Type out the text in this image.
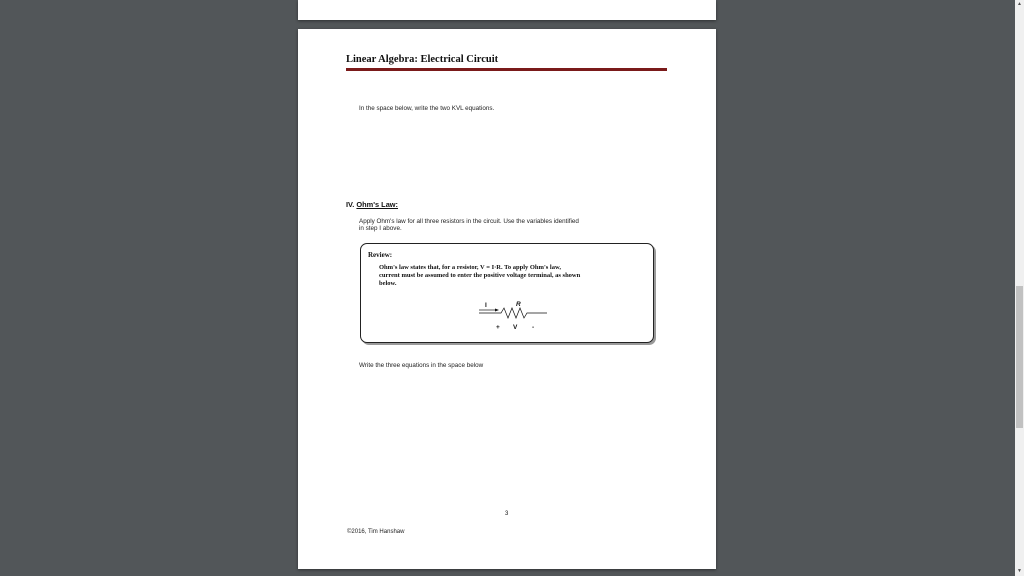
Linear Algebra: Electrical Circuit
In the space below, write the two KVL equations.
IV. Ohm's Law:
Apply Ohm's law for all three resistors in the circuit. Use the variables identified
in step I above.
Review:
Ohm's law states that, for a resistor, V = I·R. To apply Ohm's law,
current must be assumed to enter the positive voltage terminal, as shown
below.
I	R
+ V -
Write the three equations in the space below
3
©2016, Tim Hanshaw
▲
▼
